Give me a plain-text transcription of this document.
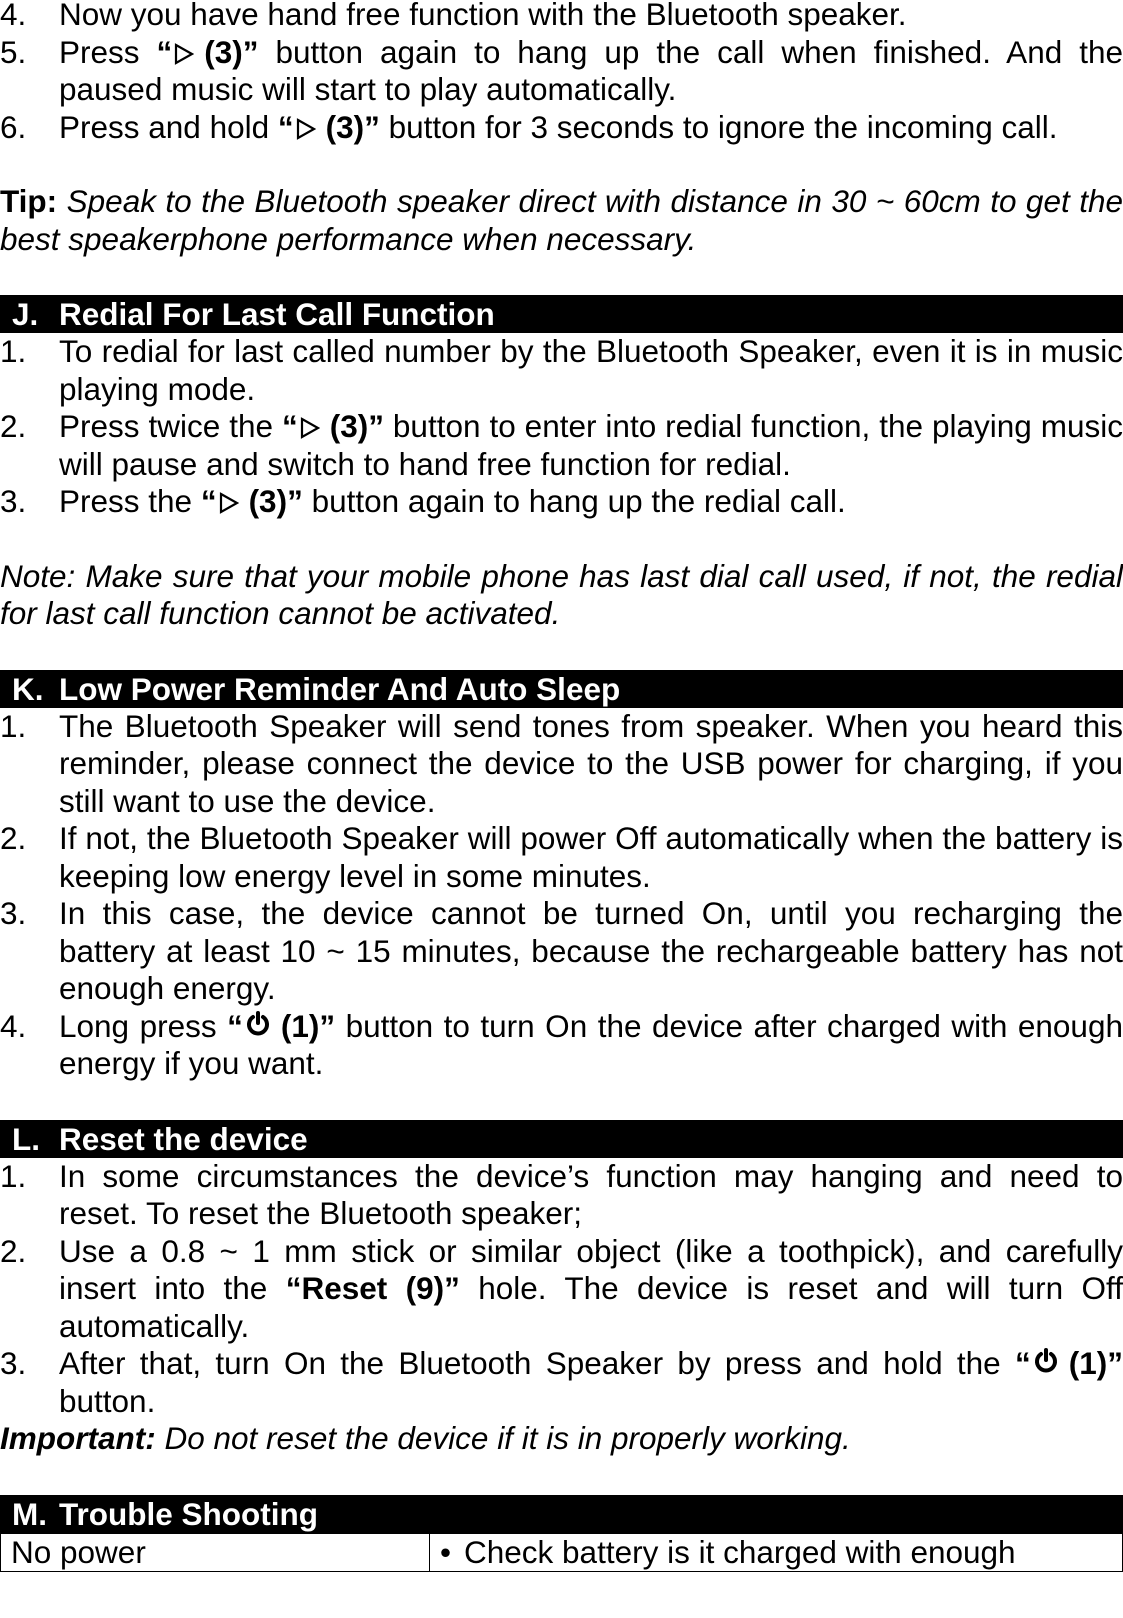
4. Now you have hand free function with the Bluetooth speaker.
5. Press “ (3)” button again to hang up the call when finished. And the paused music will start to play automatically.
6. Press and hold “ (3)” button for 3 seconds to ignore the incoming call.

Tip: Speak to the Bluetooth speaker direct with distance in 30 ~ 60cm to get the best speakerphone performance when necessary.

J. Redial For Last Call Function
1. To redial for last called number by the Bluetooth Speaker, even it is in music playing mode.
2. Press twice the “ (3)” button to enter into redial function, the playing music will pause and switch to hand free function for redial.
3. Press the “ (3)” button again to hang up the redial call.

Note: Make sure that your mobile phone has last dial call used, if not, the redial for last call function cannot be activated.

K. Low Power Reminder And Auto Sleep
1. The Bluetooth Speaker will send tones from speaker. When you heard this reminder, please connect the device to the USB power for charging, if you still want to use the device.
2. If not, the Bluetooth Speaker will power Off automatically when the battery is keeping low energy level in some minutes.
3. In this case, the device cannot be turned On, until you recharging the battery at least 10 ~ 15 minutes, because the rechargeable battery has not enough energy.
4. Long press “ (1)” button to turn On the device after charged with enough energy if you want.
L. Reset the device
1. In some circumstances the device’s function may hanging and need to reset. To reset the Bluetooth speaker;
2. Use a 0.8 ~ 1 mm stick or similar object (like a toothpick), and carefully insert into the “Reset (9)” hole. The device is reset and will turn Off automatically.
3. After that, turn On the Bluetooth Speaker by press and hold the “ (1)” button.

Important: Do not reset the device if it is in properly working.

M. Trouble Shooting
No power	• Check battery is it charged with enough
